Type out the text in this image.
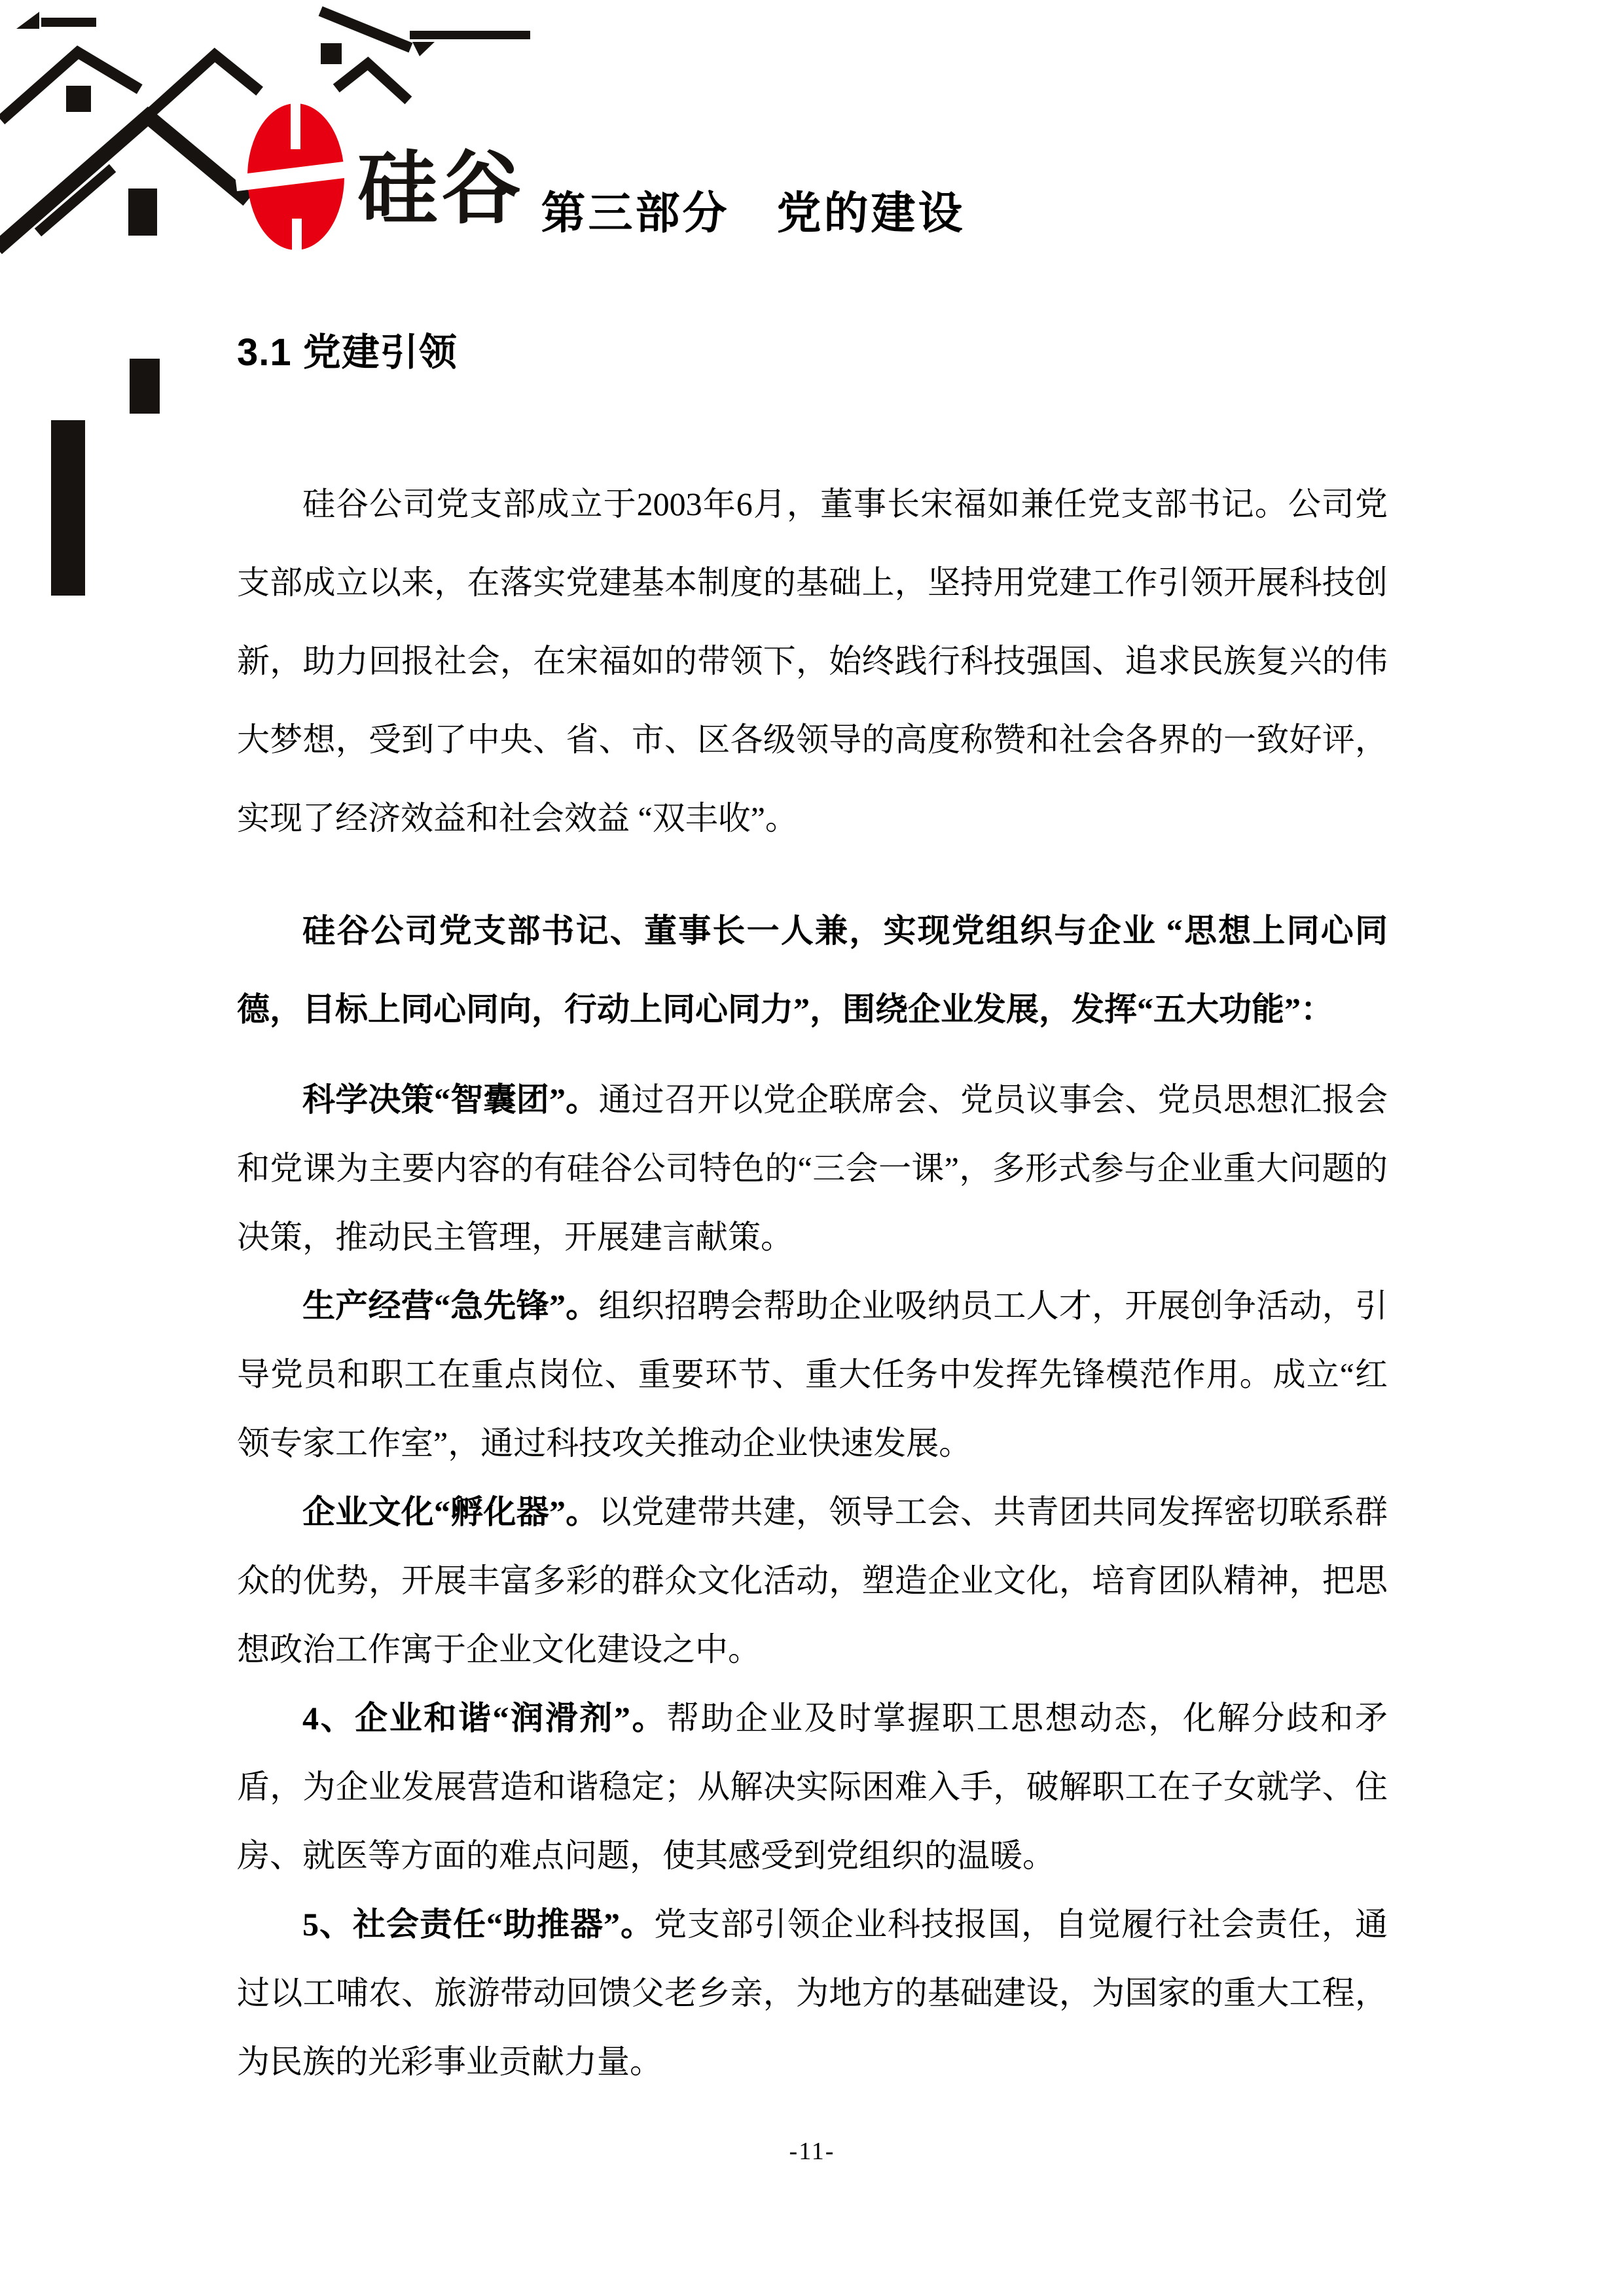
硅谷 第三部分　党的建设
3.1 党建引领

硅谷公司党支部成立于2003年6月，董事长宋福如兼任党支部书记。公司党支部成立以来，在落实党建基本制度的基础上，坚持用党建工作引领开展科技创新，助力回报社会，在宋福如的带领下，始终践行科技强国、追求民族复兴的伟大梦想，受到了中央、省、市、区各级领导的高度称赞和社会各界的一致好评，实现了经济效益和社会效益 “双丰收”。

硅谷公司党支部书记、董事长一人兼，实现党组织与企业 “思想上同心同德，目标上同心同向，行动上同心同力”，围绕企业发展，发挥“五大功能”：

科学决策“智囊团”。通过召开以党企联席会、党员议事会、党员思想汇报会和党课为主要内容的有硅谷公司特色的“三会一课”，多形式参与企业重大问题的决策，推动民主管理，开展建言献策。

生产经营“急先锋”。组织招聘会帮助企业吸纳员工人才，开展创争活动，引导党员和职工在重点岗位、重要环节、重大任务中发挥先锋模范作用。成立“红领专家工作室”，通过科技攻关推动企业快速发展。

企业文化“孵化器”。以党建带共建，领导工会、共青团共同发挥密切联系群众的优势，开展丰富多彩的群众文化活动，塑造企业文化，培育团队精神，把思想政治工作寓于企业文化建设之中。

4、企业和谐“润滑剂”。帮助企业及时掌握职工思想动态，化解分歧和矛盾，为企业发展营造和谐稳定；从解决实际困难入手，破解职工在子女就学、住房、就医等方面的难点问题，使其感受到党组织的温暖。

5、社会责任“助推器”。党支部引领企业科技报国，自觉履行社会责任，通过以工哺农、旅游带动回馈父老乡亲，为地方的基础建设，为国家的重大工程，为民族的光彩事业贡献力量。

-11-
